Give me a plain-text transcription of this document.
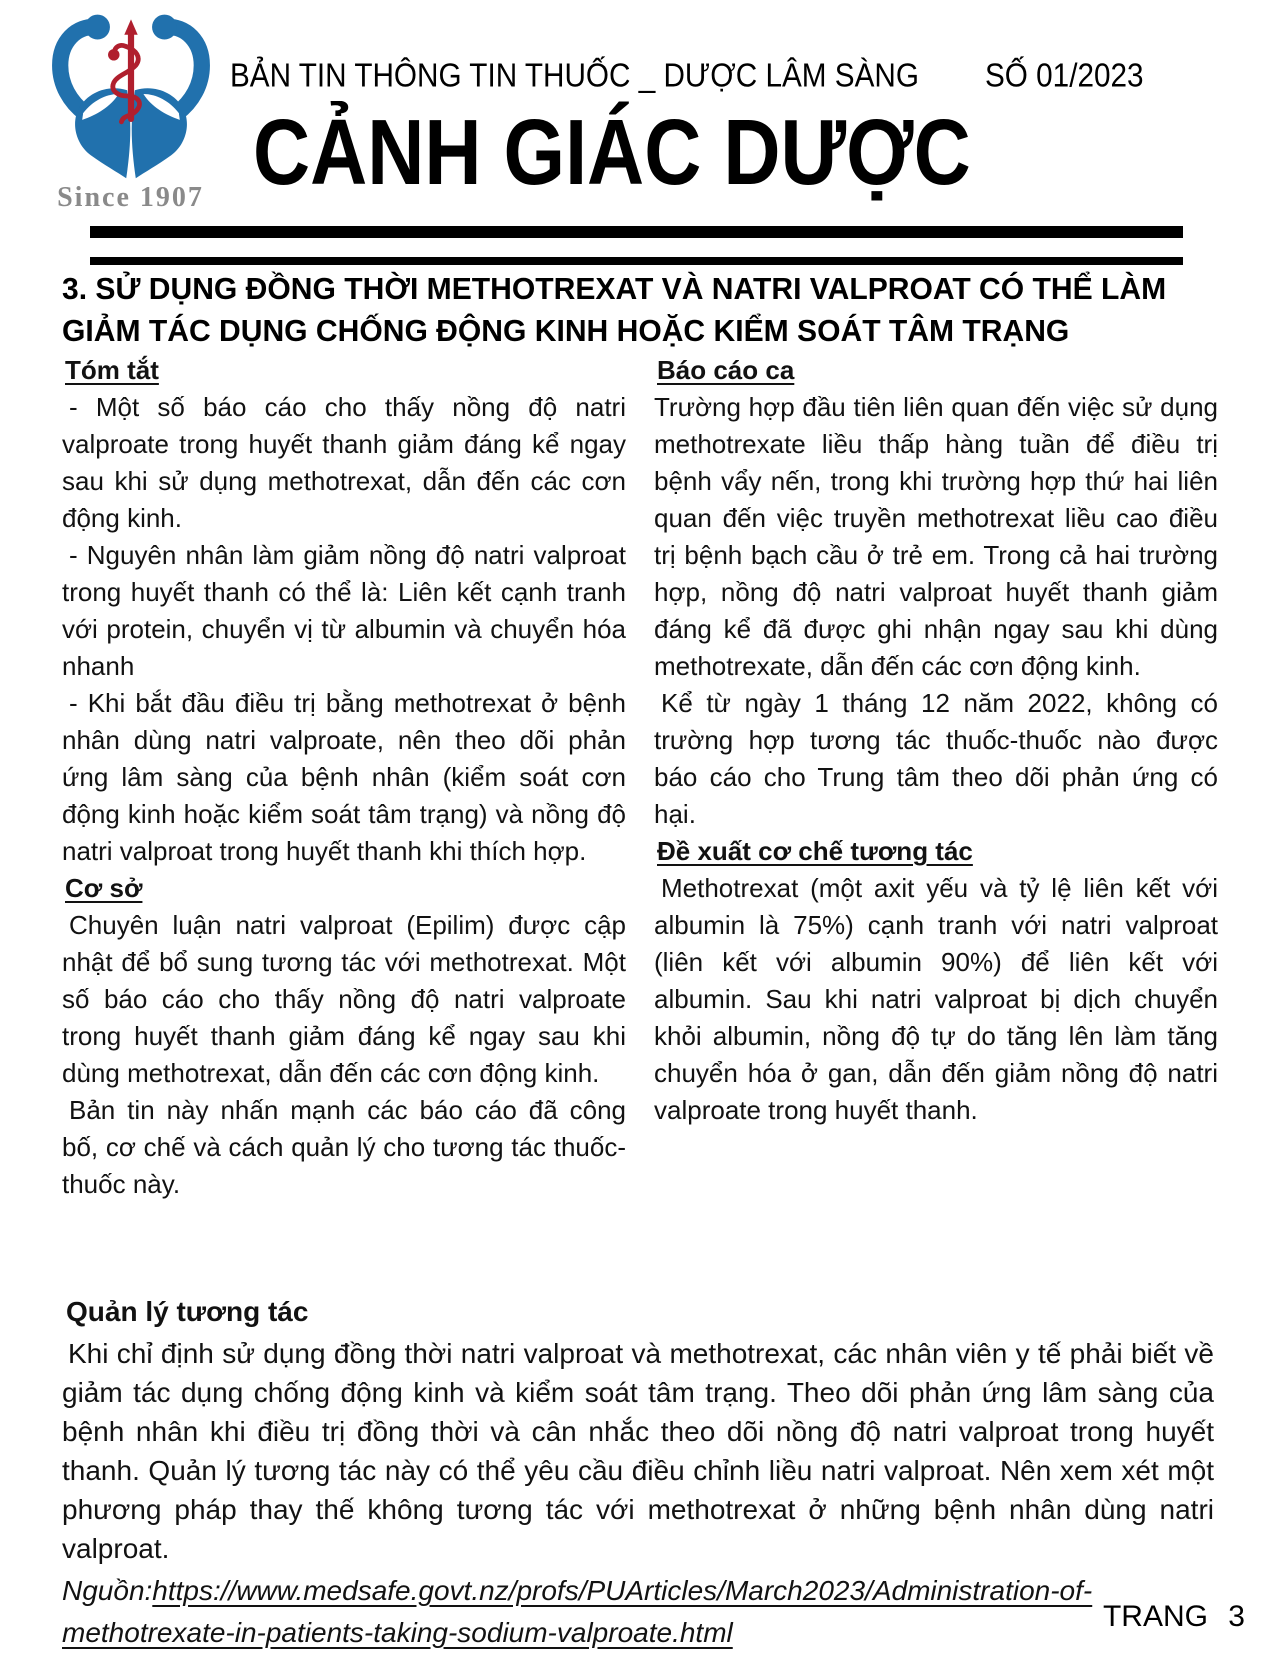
Since 1907
BẢN TIN THÔNG TIN THUỐC _ DƯỢC LÂM SÀNG SỐ 01/2023
CẢNH GIÁC DƯỢC
3. SỬ DỤNG ĐỒNG THỜI METHOTREXAT VÀ NATRI VALPROAT CÓ THỂ LÀM GIẢM TÁC DỤNG CHỐNG ĐỘNG KINH HOẶC KIỂM SOÁT TÂM TRẠNG

Tóm tắt

- Một số báo cáo cho thấy nồng độ natri valproate trong huyết thanh giảm đáng kể ngay sau khi sử dụng methotrexat, dẫn đến các cơn động kinh.

- Nguyên nhân làm giảm nồng độ natri valproat trong huyết thanh có thể là: Liên kết cạnh tranh với protein, chuyển vị từ albumin và chuyển hóa nhanh

- Khi bắt đầu điều trị bằng methotrexat ở bệnh nhân dùng natri valproate, nên theo dõi phản ứng lâm sàng của bệnh nhân (kiểm soát cơn động kinh hoặc kiểm soát tâm trạng) và nồng độ natri valproat trong huyết thanh khi thích hợp.

Cơ sở

Chuyên luận natri valproat (Epilim) được cập nhật để bổ sung tương tác với methotrexat. Một số báo cáo cho thấy nồng độ natri valproate trong huyết thanh giảm đáng kể ngay sau khi dùng methotrexat, dẫn đến các cơn động kinh.

Bản tin này nhấn mạnh các báo cáo đã công bố, cơ chế và cách quản lý cho tương tác thuốc-thuốc này.

Báo cáo ca

Trường hợp đầu tiên liên quan đến việc sử dụng methotrexate liều thấp hàng tuần để điều trị bệnh vẩy nến, trong khi trường hợp thứ hai liên quan đến việc truyền methotrexat liều cao điều trị bệnh bạch cầu ở trẻ em. Trong cả hai trường hợp, nồng độ natri valproat huyết thanh giảm đáng kể đã được ghi nhận ngay sau khi dùng methotrexate, dẫn đến các cơn động kinh.

Kể từ ngày 1 tháng 12 năm 2022, không có trường hợp tương tác thuốc-thuốc nào được báo cáo cho Trung tâm theo dõi phản ứng có hại.

Đề xuất cơ chế tương tác

Methotrexat (một axit yếu và tỷ lệ liên kết với albumin là 75%) cạnh tranh với natri valproat (liên kết với albumin 90%) để liên kết với albumin. Sau khi natri valproat bị dịch chuyển khỏi albumin, nồng độ tự do tăng lên làm tăng chuyển hóa ở gan, dẫn đến giảm nồng độ natri valproate trong huyết thanh.

Quản lý tương tác

Khi chỉ định sử dụng đồng thời natri valproat và methotrexat, các nhân viên y tế phải biết về giảm tác dụng chống động kinh và kiểm soát tâm trạng. Theo dõi phản ứng lâm sàng của bệnh nhân khi điều trị đồng thời và cân nhắc theo dõi nồng độ natri valproat trong huyết thanh. Quản lý tương tác này có thể yêu cầu điều chỉnh liều natri valproat. Nên xem xét một phương pháp thay thế không tương tác với methotrexat ở những bệnh nhân dùng natri valproat.

Nguồn:https://www.medsafe.govt.nz/profs/PUArticles/March2023/Administration-of-methotrexate-in-patients-taking-sodium-valproate.html	TRANG 3
